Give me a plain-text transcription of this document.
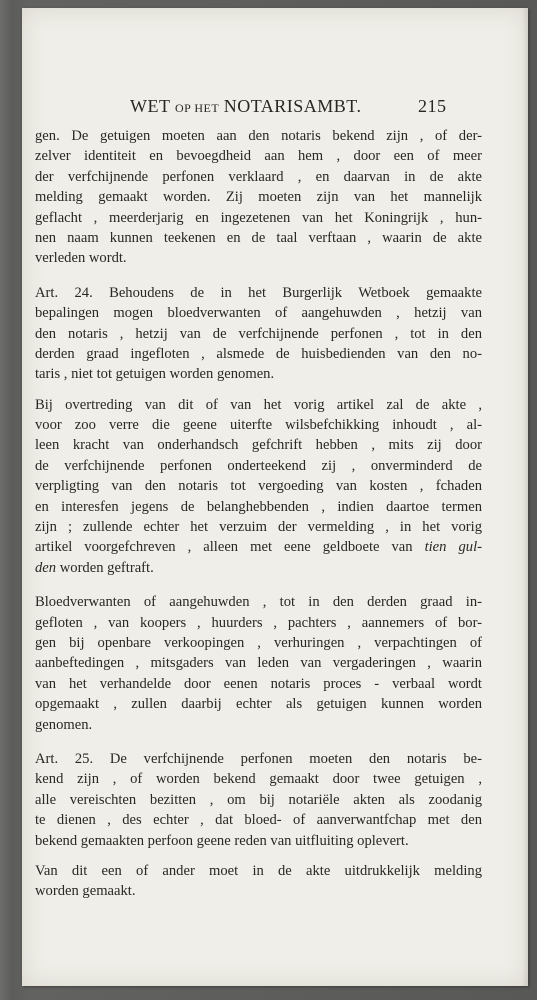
WET OP HET NOTARISAMBT.	215
gen. De getuigen moeten aan den notaris bekend zijn , of der-
zelver identiteit en bevoegdheid aan hem , door een of meer
der verfchijnende perfonen verklaard , en daarvan in de akte
melding gemaakt worden. Zij moeten zijn van het mannelijk
geflacht , meerderjarig en ingezetenen van het Koningrijk , hun-
nen naam kunnen teekenen en de taal verftaan , waarin de akte
verleden wordt.
Art. 24. Behoudens de in het Burgerlijk Wetboek gemaakte
bepalingen mogen bloedverwanten of aangehuwden , hetzij van
den notaris , hetzij van de verfchijnende perfonen , tot in den
derden graad ingefloten , alsmede de huisbedienden van den no-
taris , niet tot getuigen worden genomen.
Bij overtreding van dit of van het vorig artikel zal de akte ,
voor zoo verre die geene uiterfte wilsbefchikking inhoudt , al-
leen kracht van onderhandsch gefchrift hebben , mits zij door
de verfchijnende perfonen onderteekend zij , onverminderd de
verpligting van den notaris tot vergoeding van kosten , fchaden
en interesfen jegens de belanghebbenden , indien daartoe termen
zijn ; zullende echter het verzuim der vermelding , in het vorig
artikel voorgefchreven , alleen met eene geldboete van tien gul-
den worden geftraft.
Bloedverwanten of aangehuwden , tot in den derden graad in-
gefloten , van koopers , huurders , pachters , aannemers of bor-
gen bij openbare verkoopingen , verhuringen , verpachtingen of
aanbeftedingen , mitsgaders van leden van vergaderingen , waarin
van het verhandelde door eenen notaris proces - verbaal wordt
opgemaakt , zullen daarbij echter als getuigen kunnen worden
genomen.
Art. 25. De verfchijnende perfonen moeten den notaris be-
kend zijn , of worden bekend gemaakt door twee getuigen ,
alle vereischten bezitten , om bij notariële akten als zoodanig
te dienen , des echter , dat bloed- of aanverwantfchap met den
bekend gemaakten perfoon geene reden van uitfluiting oplevert.
Van dit een of ander moet in de akte uitdrukkelijk melding
worden gemaakt.
